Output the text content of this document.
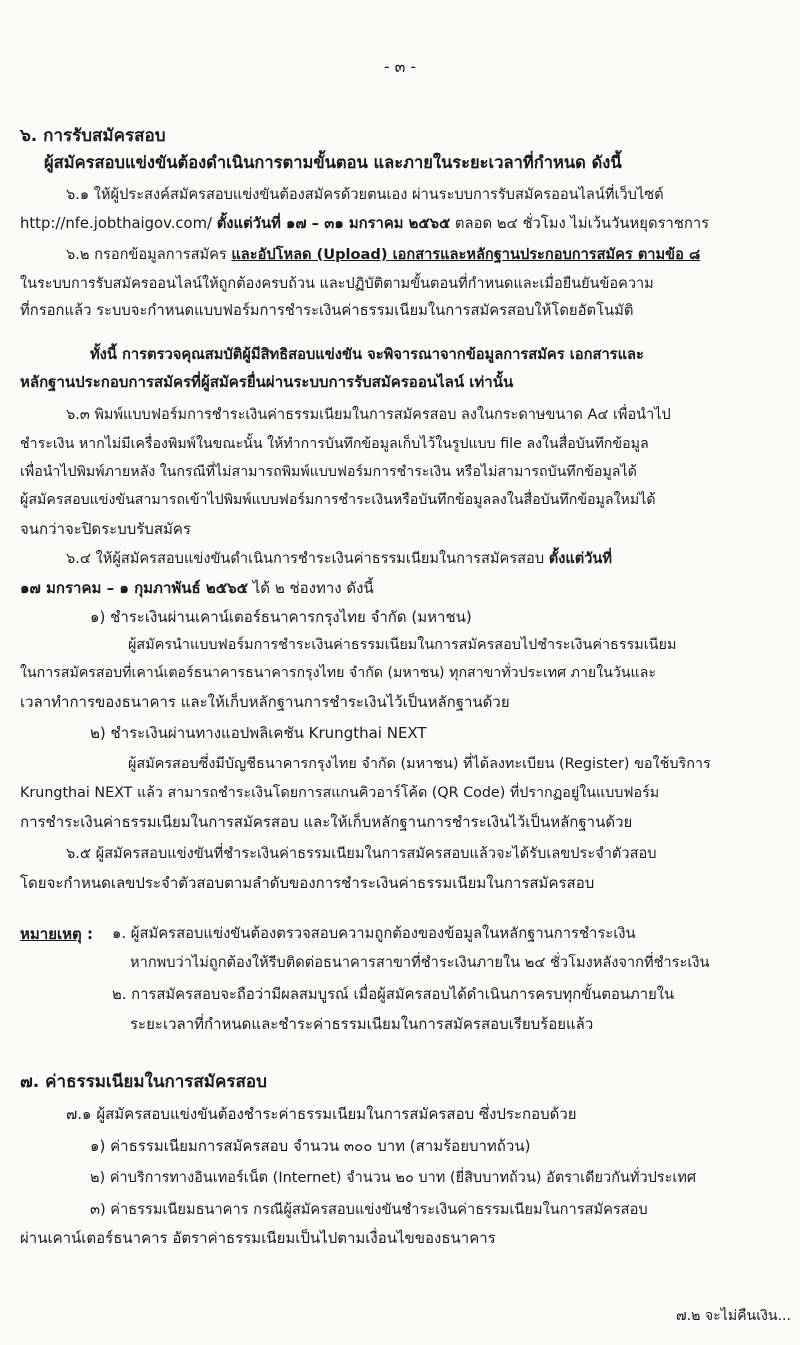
- ๓ -
๖. การรับสมัครสอบ
ผู้สมัครสอบแข่งขันต้องดำเนินการตามขั้นตอน และภายในระยะเวลาที่กำหนด ดังนี้
๖.๑ ให้ผู้ประสงค์สมัครสอบแข่งขันต้องสมัครด้วยตนเอง ผ่านระบบการรับสมัครออนไลน์ที่เว็บไซต์
http://nfe.jobthaigov.com/ ตั้งแต่วันที่ ๑๗ – ๓๑ มกราคม ๒๕๖๕ ตลอด ๒๔ ชั่วโมง ไม่เว้นวันหยุดราชการ
๖.๒ กรอกข้อมูลการสมัคร และอัปโหลด (Upload) เอกสารและหลักฐานประกอบการสมัคร ตามข้อ ๘
ในระบบการรับสมัครออนไลน์ให้ถูกต้องครบถ้วน และปฏิบัติตามขั้นตอนที่กำหนดและเมื่อยืนยันข้อความ
ที่กรอกแล้ว ระบบจะกำหนดแบบฟอร์มการชำระเงินค่าธรรมเนียมในการสมัครสอบให้โดยอัตโนมัติ
ทั้งนี้ การตรวจคุณสมบัติผู้มีสิทธิสอบแข่งขัน จะพิจารณาจากข้อมูลการสมัคร เอกสารและ
หลักฐานประกอบการสมัครที่ผู้สมัครยื่นผ่านระบบการรับสมัครออนไลน์ เท่านั้น
๖.๓ พิมพ์แบบฟอร์มการชำระเงินค่าธรรมเนียมในการสมัครสอบ ลงในกระดาษขนาด A๔ เพื่อนำไป
ชำระเงิน หากไม่มีเครื่องพิมพ์ในขณะนั้น ให้ทำการบันทึกข้อมูลเก็บไว้ในรูปแบบ file ลงในสื่อบันทึกข้อมูล
เพื่อนำไปพิมพ์ภายหลัง ในกรณีที่ไม่สามารถพิมพ์แบบฟอร์มการชำระเงิน หรือไม่สามารถบันทึกข้อมูลได้
ผู้สมัครสอบแข่งขันสามารถเข้าไปพิมพ์แบบฟอร์มการชำระเงินหรือบันทึกข้อมูลลงในสื่อบันทึกข้อมูลใหม่ได้
จนกว่าจะปิดระบบรับสมัคร
๖.๔ ให้ผู้สมัครสอบแข่งขันดำเนินการชำระเงินค่าธรรมเนียมในการสมัครสอบ ตั้งแต่วันที่
๑๗ มกราคม – ๑ กุมภาพันธ์ ๒๕๖๕ ได้ ๒ ช่องทาง ดังนี้
๑) ชำระเงินผ่านเคาน์เตอร์ธนาคารกรุงไทย จำกัด (มหาชน)
ผู้สมัครนำแบบฟอร์มการชำระเงินค่าธรรมเนียมในการสมัครสอบไปชำระเงินค่าธรรมเนียม
ในการสมัครสอบที่เคาน์เตอร์ธนาคารธนาคารกรุงไทย จำกัด (มหาชน) ทุกสาขาทั่วประเทศ ภายในวันและ
เวลาทำการของธนาคาร และให้เก็บหลักฐานการชำระเงินไว้เป็นหลักฐานด้วย
๒) ชำระเงินผ่านทางแอปพลิเคชัน Krungthai NEXT
ผู้สมัครสอบซึ่งมีบัญชีธนาคารกรุงไทย จำกัด (มหาชน) ที่ได้ลงทะเบียน (Register) ขอใช้บริการ
Krungthai NEXT แล้ว สามารถชำระเงินโดยการสแกนคิวอาร์โค้ด (QR Code) ที่ปรากฏอยู่ในแบบฟอร์ม
การชำระเงินค่าธรรมเนียมในการสมัครสอบ และให้เก็บหลักฐานการชำระเงินไว้เป็นหลักฐานด้วย
๖.๕ ผู้สมัครสอบแข่งขันที่ชำระเงินค่าธรรมเนียมในการสมัครสอบแล้วจะได้รับเลขประจำตัวสอบ
โดยจะกำหนดเลขประจำตัวสอบตามลำดับของการชำระเงินค่าธรรมเนียมในการสมัครสอบ
หมายเหตุ : ๑. ผู้สมัครสอบแข่งขันต้องตรวจสอบความถูกต้องของข้อมูลในหลักฐานการชำระเงิน
หากพบว่าไม่ถูกต้องให้รีบติดต่อธนาคารสาขาที่ชำระเงินภายใน ๒๔ ชั่วโมงหลังจากที่ชำระเงิน
๒. การสมัครสอบจะถือว่ามีผลสมบูรณ์ เมื่อผู้สมัครสอบได้ดำเนินการครบทุกขั้นตอนภายใน
ระยะเวลาที่กำหนดและชำระค่าธรรมเนียมในการสมัครสอบเรียบร้อยแล้ว
๗. ค่าธรรมเนียมในการสมัครสอบ
๗.๑ ผู้สมัครสอบแข่งขันต้องชำระค่าธรรมเนียมในการสมัครสอบ ซึ่งประกอบด้วย
๑) ค่าธรรมเนียมการสมัครสอบ จำนวน ๓๐๐ บาท (สามร้อยบาทถ้วน)
๒) ค่าบริการทางอินเทอร์เน็ต (Internet) จำนวน ๒๐ บาท (ยี่สิบบาทถ้วน) อัตราเดียวกันทั่วประเทศ
๓) ค่าธรรมเนียมธนาคาร กรณีผู้สมัครสอบแข่งขันชำระเงินค่าธรรมเนียมในการสมัครสอบ
ผ่านเคาน์เตอร์ธนาคาร อัตราค่าธรรมเนียมเป็นไปตามเงื่อนไขของธนาคาร
๗.๒ จะไม่คืนเงิน...
